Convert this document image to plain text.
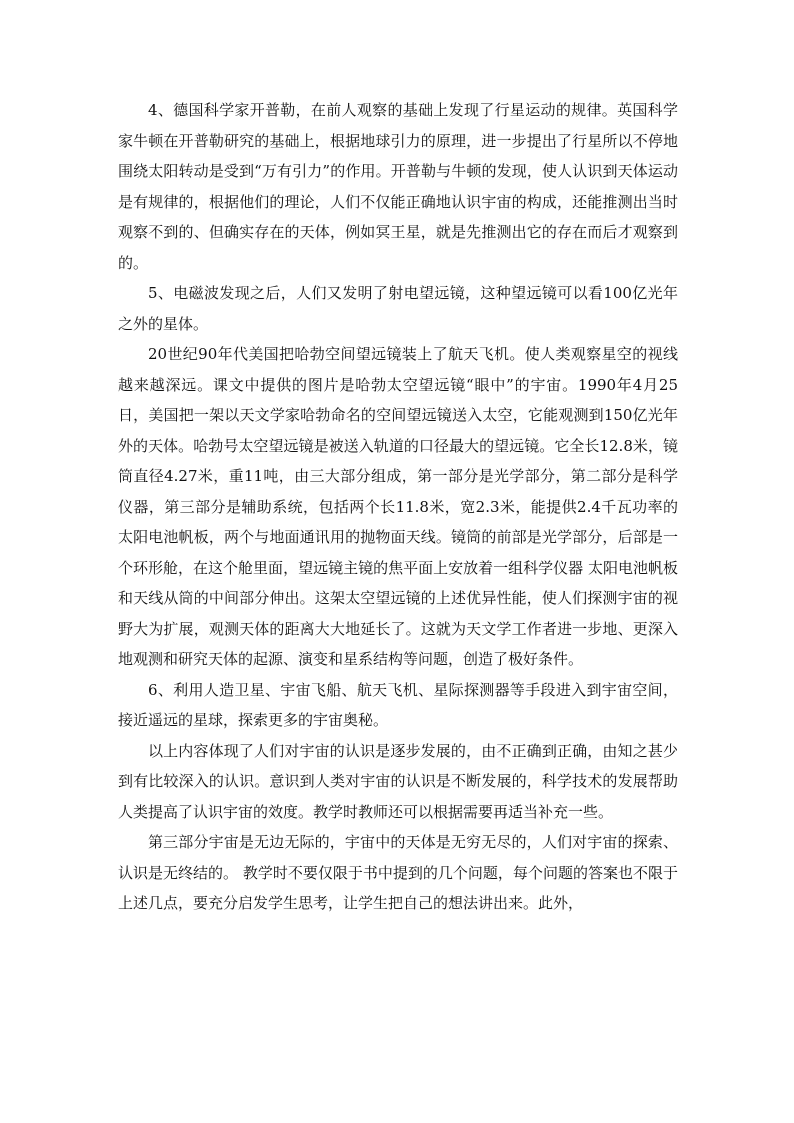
4、德国科学家开普勒，在前人观察的基础上发现了行星运动的规律。英国科学家牛顿在开普勒研究的基础上，根据地球引力的原理，进一步提出了行星所以不停地围绕太阳转动是受到“万有引力”的作用。开普勒与牛顿的发现，使人认识到天体运动是有规律的，根据他们的理论，人们不仅能正确地认识宇宙的构成，还能推测出当时观察不到的、但确实存在的天体，例如冥王星，就是先推测出它的存在而后才观察到的。

5、电磁波发现之后，人们又发明了射电望远镜，这种望远镜可以看100亿光年之外的星体。

20世纪90年代美国把哈勃空间望远镜装上了航天飞机。使人类观察星空的视线越来越深远。课文中提供的图片是哈勃太空望远镜“眼中”的宇宙。1990年4月25日，美国把一架以天文学家哈勃命名的空间望远镜送入太空，它能观测到150亿光年外的天体。哈勃号太空望远镜是被送入轨道的口径最大的望远镜。它全长12.8米，镜筒直径4.27米，重11吨，由三大部分组成，第一部分是光学部分，第二部分是科学仪器，第三部分是辅助系统，包括两个长11.8米，宽2.3米，能提供2.4千瓦功率的太阳电池帆板，两个与地面通讯用的抛物面天线。镜筒的前部是光学部分，后部是一个环形舱，在这个舱里面，望远镜主镜的焦平面上安放着一组科学仪器 太阳电池帆板和天线从筒的中间部分伸出。这架太空望远镜的上述优异性能，使人们探测宇宙的视野大为扩展，观测天体的距离大大地延长了。这就为天文学工作者进一步地、更深入地观测和研究天体的起源、演变和星系结构等问题，创造了极好条件。

6、利用人造卫星、宇宙飞船、航天飞机、星际探测器等手段进入到宇宙空间，接近遥远的星球，探索更多的宇宙奥秘。

以上内容体现了人们对宇宙的认识是逐步发展的，由不正确到正确，由知之甚少到有比较深入的认识。意识到人类对宇宙的认识是不断发展的，科学技术的发展帮助人类提高了认识宇宙的效度。教学时教师还可以根据需要再适当补充一些。

第三部分宇宙是无边无际的，宇宙中的天体是无穷无尽的，人们对宇宙的探索、认识是无终结的。 教学时不要仅限于书中提到的几个问题，每个问题的答案也不限于上述几点，要充分启发学生思考，让学生把自己的想法讲出来。此外，
